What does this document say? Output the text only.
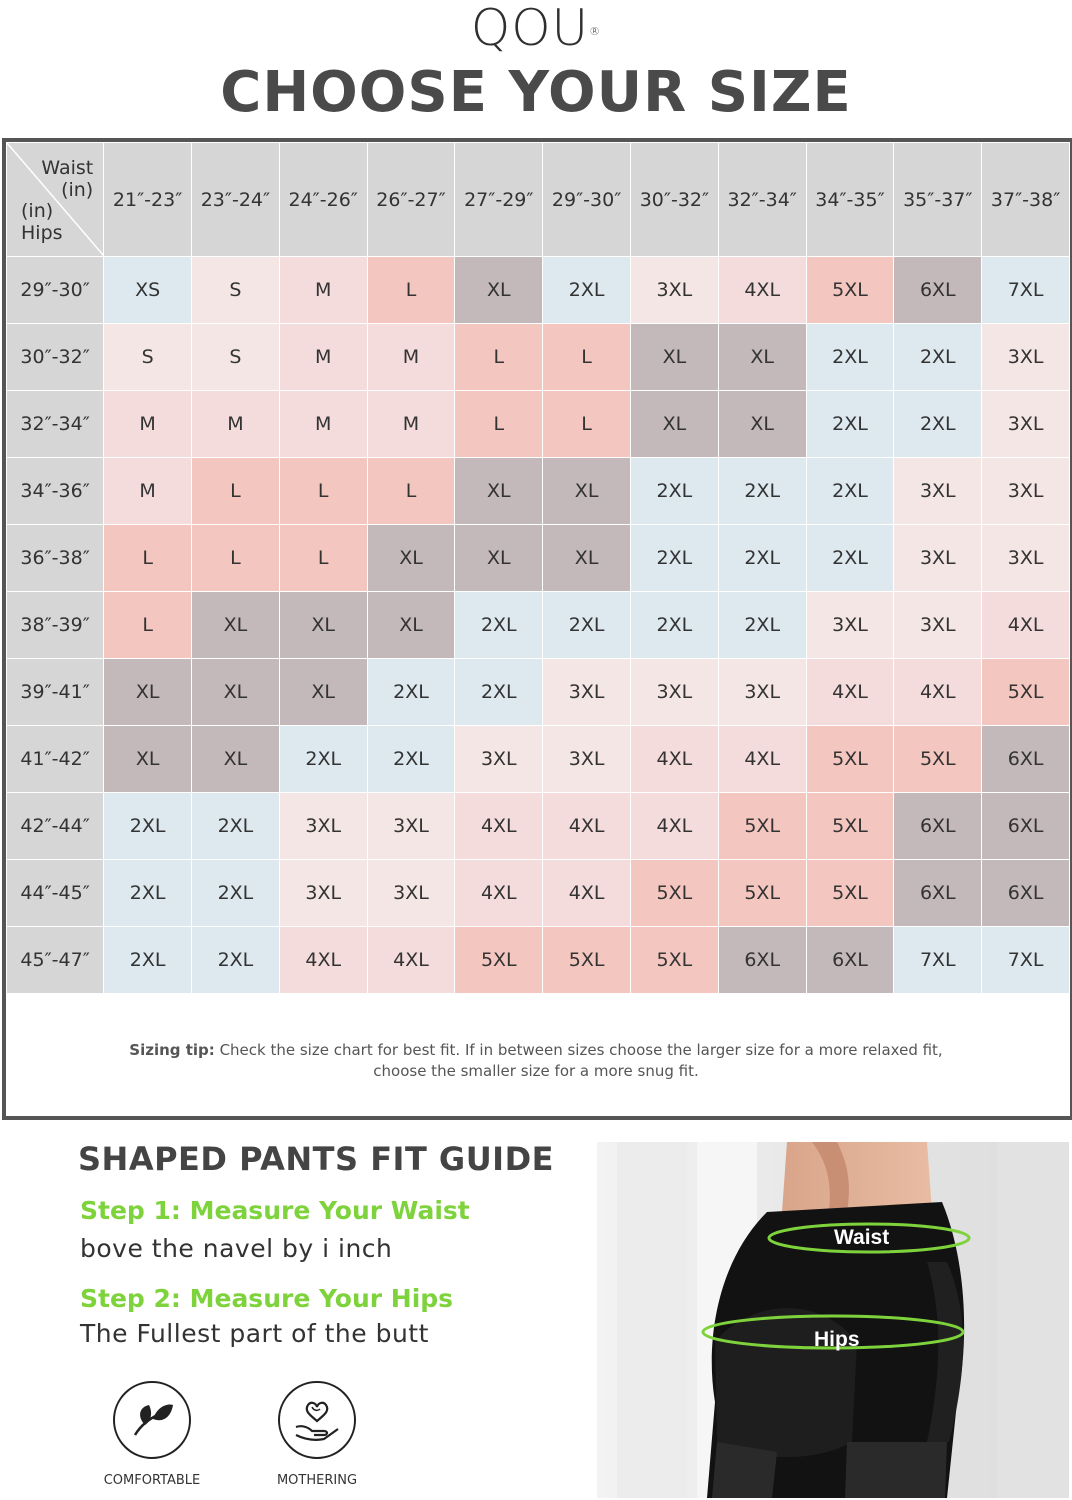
QOU®
CHOOSE YOUR SIZE
Waist
(in)
(in)
Hips	21″-23″	23″-24″	24″-26″	26″-27″	27″-29″	29″-30″	30″-32″	32″-34″	34″-35″	35″-37″	37″-38″
29″-30″	XS	S	M	L	XL	2XL	3XL	4XL	5XL	6XL	7XL
30″-32″	S	S	M	M	L	L	XL	XL	2XL	2XL	3XL
32″-34″	M	M	M	M	L	L	XL	XL	2XL	2XL	3XL
34″-36″	M	L	L	L	XL	XL	2XL	2XL	2XL	3XL	3XL
36″-38″	L	L	L	XL	XL	XL	2XL	2XL	2XL	3XL	3XL
38″-39″	L	XL	XL	XL	2XL	2XL	2XL	2XL	3XL	3XL	4XL
39″-41″	XL	XL	XL	2XL	2XL	3XL	3XL	3XL	4XL	4XL	5XL
41″-42″	XL	XL	2XL	2XL	3XL	3XL	4XL	4XL	5XL	5XL	6XL
42″-44″	2XL	2XL	3XL	3XL	4XL	4XL	4XL	5XL	5XL	6XL	6XL
44″-45″	2XL	2XL	3XL	3XL	4XL	4XL	5XL	5XL	5XL	6XL	6XL
45″-47″	2XL	2XL	4XL	4XL	5XL	5XL	5XL	6XL	6XL	7XL	7XL
Sizing tip: Check the size chart for best fit. If in between sizes choose the larger size for a more relaxed fit,
choose the smaller size for a more snug fit.
SHAPED PANTS FIT GUIDE
Step 1: Measure Your Waist
bove the navel by i inch
Step 2: Measure Your Hips
The Fullest part of the butt
COMFORTABLE	MOTHERING
Waist
Hips
